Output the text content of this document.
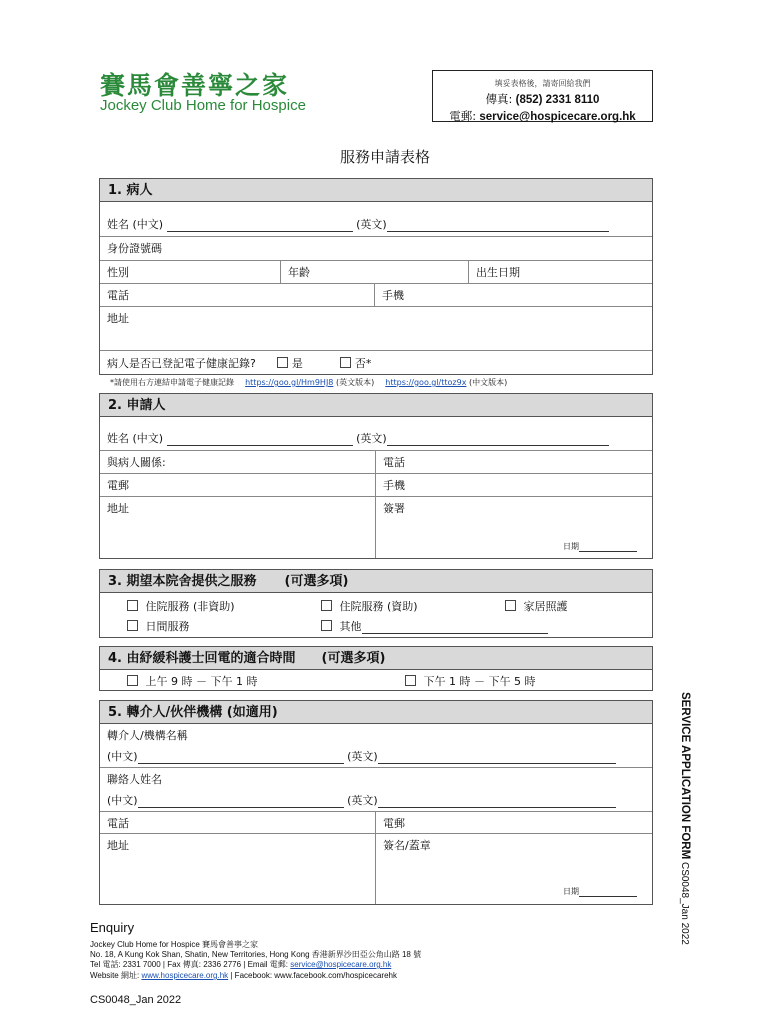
賽馬會善寧之家
Jockey Club Home for Hospice
填妥表格後，請寄回給我們
傳真: (852) 2331 8110
電郵: service@hospicecare.org.hk
服務申請表格
1. 病人
姓名 (中文)	(英文)
身份證號碼
性別	年齡	出生日期
電話	手機
地址
病人是否已登記電子健康記錄?	是	否*
*請使用右方連結申請電子健康記錄 https://goo.gl/Hm9HJ8 (英文版本) https://goo.gl/ttoz9x (中文版本)
2. 申請人
姓名 (中文)	(英文)
與病人關係:	電話
電郵	手機
地址	簽署
日期
3. 期望本院舍提供之服務 (可選多項)
住院服務 (非資助)	住院服務 (資助)	家居照護
日間服務	其他
4. 由紓緩科護士回電的適合時間 (可選多項)
上午 9 時 － 下午 1 時	下午 1 時 － 下午 5 時
5. 轉介人/伙伴機構 (如適用)
轉介人/機構名稱
(中文)	(英文)
聯絡人姓名
(中文)	(英文)
電話	電郵
地址	簽名/蓋章
日期
SERVICE APPLICATION FORM CS0048_Jan 2022
Enquiry
Jockey Club Home for Hospice 賽馬會善寧之家
No. 18, A Kung Kok Shan, Shatin, New Territories, Hong Kong 香港新界沙田亞公角山路 18 號
Tel 電話: 2331 7000 | Fax 傳真: 2336 2776 | Email 電郵: service@hospicecare.org.hk
Website 網址: www.hospicecare.org.hk | Facebook: www.facebook.com/hospicecarehk
CS0048_Jan 2022
